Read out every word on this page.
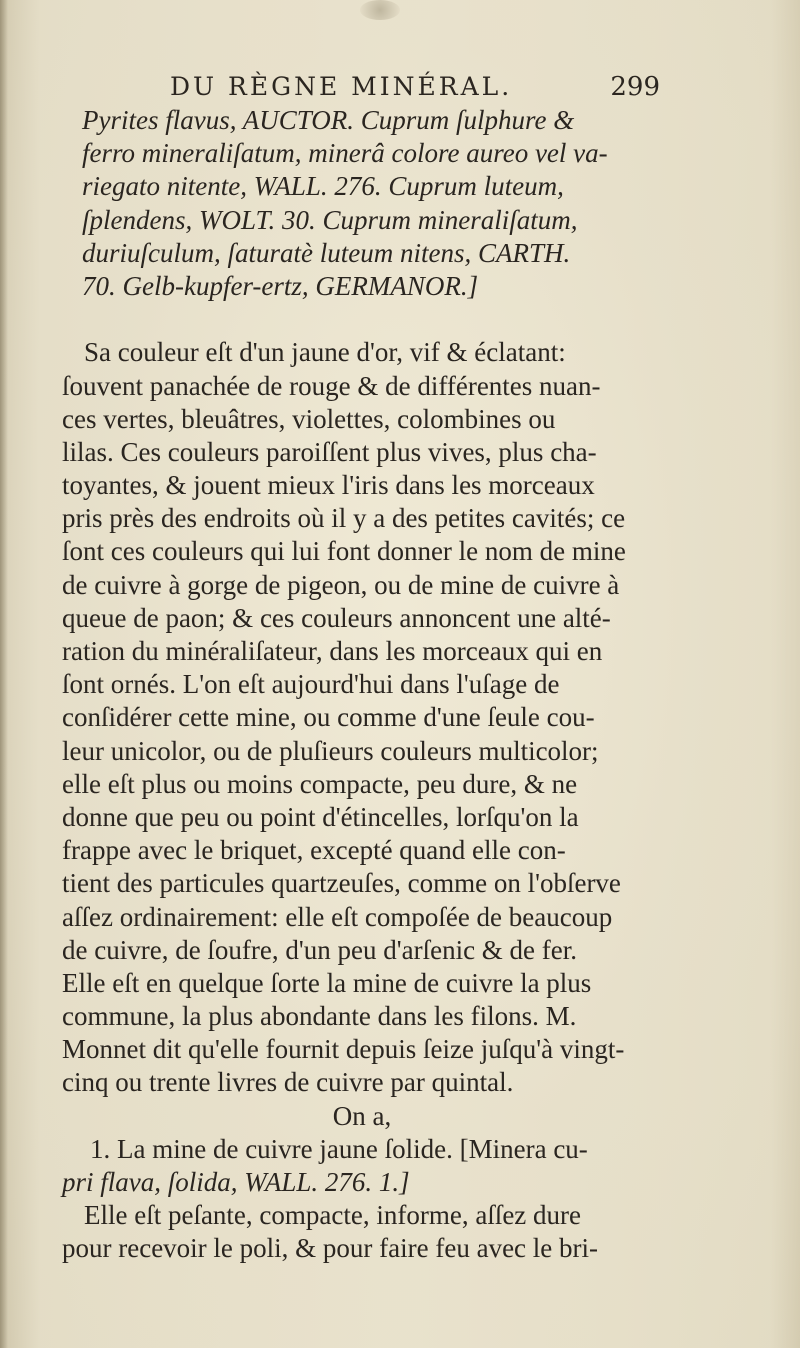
DU RÈGNE MINÉRAL.	299
Pyrites flavus, AUCTOR. Cuprum ſulphure &
ferro mineraliſatum, minerâ colore aureo vel va-
riegato nitente, WALL. 276. Cuprum luteum,
ſplendens, WOLT. 30. Cuprum mineraliſatum,
duriuſculum, ſaturatè luteum nitens, CARTH.
70. Gelb-kupfer-ertz, GERMANOR.]
Sa couleur eſt d'un jaune d'or, vif & éclatant:
ſouvent panachée de rouge & de différentes nuan-
ces vertes, bleuâtres, violettes, colombines ou
lilas. Ces couleurs paroiſſent plus vives, plus cha-
toyantes, & jouent mieux l'iris dans les morceaux
pris près des endroits où il y a des petites cavités; ce
ſont ces couleurs qui lui font donner le nom de mine
de cuivre à gorge de pigeon, ou de mine de cuivre à
queue de paon; & ces couleurs annoncent une alté-
ration du minéraliſateur, dans les morceaux qui en
ſont ornés. L'on eſt aujourd'hui dans l'uſage de
conſidérer cette mine, ou comme d'une ſeule cou-
leur unicolor, ou de pluſieurs couleurs multicolor;
elle eſt plus ou moins compacte, peu dure, & ne
donne que peu ou point d'étincelles, lorſqu'on la
frappe avec le briquet, excepté quand elle con-
tient des particules quartzeuſes, comme on l'obſerve
aſſez ordinairement: elle eſt compoſée de beaucoup
de cuivre, de ſoufre, d'un peu d'arſenic & de fer.
Elle eſt en quelque ſorte la mine de cuivre la plus
commune, la plus abondante dans les filons. M.
Monnet dit qu'elle fournit depuis ſeize juſqu'à vingt-
cinq ou trente livres de cuivre par quintal.
On a,
1. La mine de cuivre jaune ſolide. [Minera cu-
pri flava, ſolida, WALL. 276. 1.]
Elle eſt peſante, compacte, informe, aſſez dure
pour recevoir le poli, & pour faire feu avec le bri-
